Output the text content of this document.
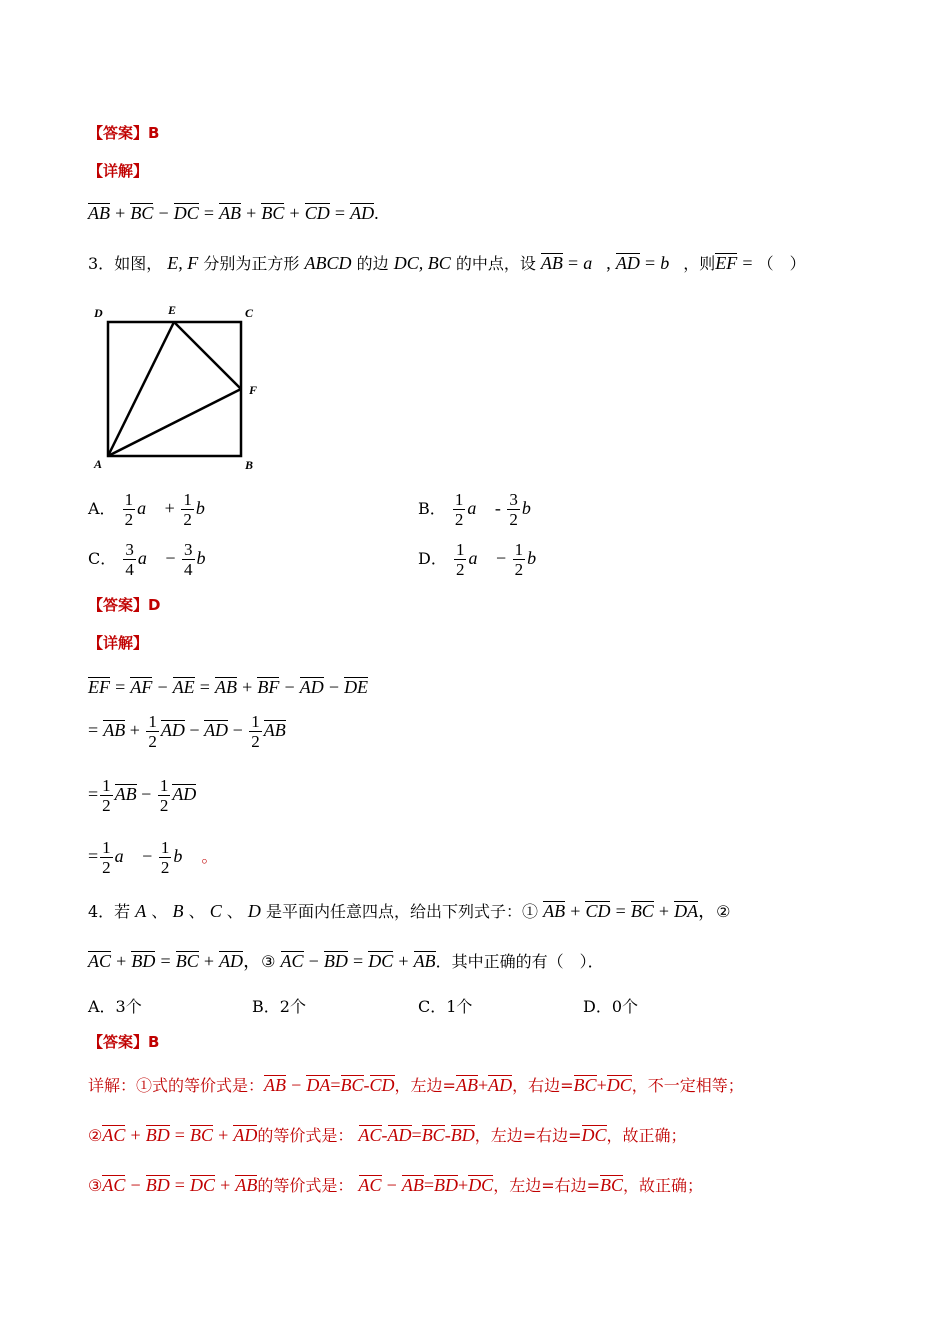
【答案】B
【详解】
AB + BC − DC = AB + BC + CD = AD.
3．如图， E, F 分别为正方形 ABCD 的边 DC, BC 的中点，设 AB = a⃗, AD = b⃗，则EF = （　）
D	E	C
F
A	B
A． $\frac{1}{2}$ a⃗ + $\frac{1}{2}$ b⃗	B． $\frac{1}{2}$ a⃗ - $\frac{3}{2}$ b⃗
C． $\frac{3}{4}$ a⃗ − $\frac{3}{4}$ b⃗	D． $\frac{1}{2}$ a⃗ − $\frac{1}{2}$ b⃗
【答案】D
【详解】
EF = AF − AE = AB + BF − AD − DE
= AB + $\frac{1}{2}$ AD − AD − $\frac{1}{2}$ AB
= $\frac{1}{2}$ AB − $\frac{1}{2}$ AD
= $\frac{1}{2}$ a⃗ − $\frac{1}{2}$ b⃗ 。
4．若 A 、 B 、 C 、 D 是平面内任意四点，给出下列式子：① AB + CD = BC + DA，②
AC + BD = BC + AD，③ AC − BD = DC + AB．其中正确的有（　）．
A．3个	B．2个	C．1个	D．0个
【答案】B
详解：①式的等价式是：AB − DA=BC-CD，左边=AB+AD，右边=BC+DC，不一定相等；
②AC + BD = BC + AD的等价式是： AC-AD=BC-BD，左边=右边=DC，故正确；
③AC − BD = DC + AB的等价式是： AC − AB=BD+DC，左边=右边=BC，故正确；
